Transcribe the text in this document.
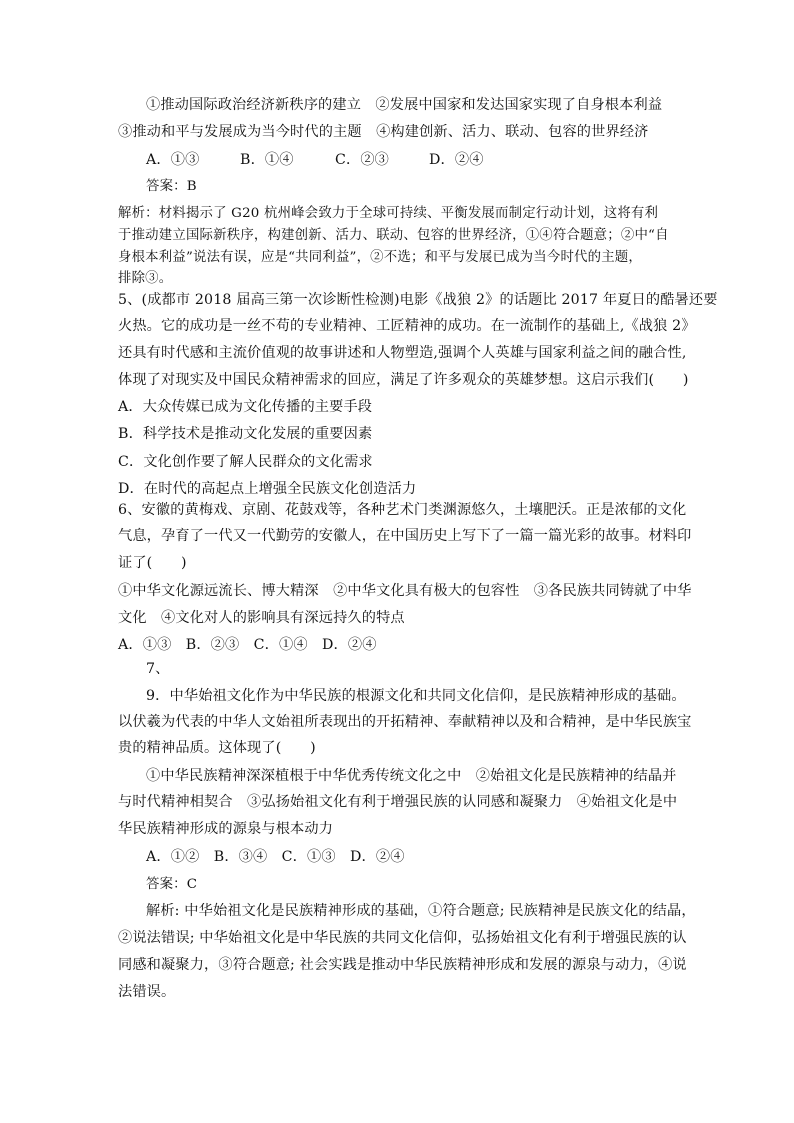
①推动国际政治经济新秩序的建立　②发展中国家和发达国家实现了自身根本利益
③推动和平与发展成为当今时代的主题　④构建创新、活力、联动、包容的世界经济
A．①③	B．①④	C．②③	D．②④
答案：B
解析：材料揭示了 G20 杭州峰会致力于全球可持续、平衡发展而制定行动计划，这将有利
于推动建立国际新秩序，构建创新、活力、联动、包容的世界经济，①④符合题意；②中“自
身根本利益”说法有误，应是“共同利益”，②不选；和平与发展已成为当今时代的主题，
排除③。
5、(成都市 2018 届高三第一次诊断性检测)电影《战狼 2》的话题比 2017 年夏日的酷暑还要
火热。它的成功是一丝不苟的专业精神、工匠精神的成功。在一流制作的基础上,《战狼 2》
还具有时代感和主流价值观的故事讲述和人物塑造,强调个人英雄与国家利益之间的融合性,
体现了对现实及中国民众精神需求的回应，满足了许多观众的英雄梦想。这启示我们(　　)
A．大众传媒已成为文化传播的主要手段
B．科学技术是推动文化发展的重要因素
C．文化创作要了解人民群众的文化需求
D．在时代的高起点上增强全民族文化创造活力
6、安徽的黄梅戏、京剧、花鼓戏等，各种艺术门类渊源悠久，土壤肥沃。正是浓郁的文化
气息，孕育了一代又一代勤劳的安徽人，在中国历史上写下了一篇一篇光彩的故事。材料印
证了(　　)
①中华文化源远流长、博大精深　②中华文化具有极大的包容性　③各民族共同铸就了中华
文化　④文化对人的影响具有深远持久的特点
A．①③　B．②③　C．①④　D．②④
7、
9．中华始祖文化作为中华民族的根源文化和共同文化信仰，是民族精神形成的基础。
以伏羲为代表的中华人文始祖所表现出的开拓精神、奉献精神以及和合精神，是中华民族宝
贵的精神品质。这体现了(　　)
①中华民族精神深深植根于中华优秀传统文化之中　②始祖文化是民族精神的结晶并
与时代精神相契合　③弘扬始祖文化有利于增强民族的认同感和凝聚力　④始祖文化是中
华民族精神形成的源泉与根本动力
A．①②　B．③④　C．①③　D．②④
答案：C
解析: 中华始祖文化是民族精神形成的基础，①符合题意; 民族精神是民族文化的结晶，
②说法错误; 中华始祖文化是中华民族的共同文化信仰，弘扬始祖文化有利于增强民族的认
同感和凝聚力，③符合题意; 社会实践是推动中华民族精神形成和发展的源泉与动力，④说
法错误。
